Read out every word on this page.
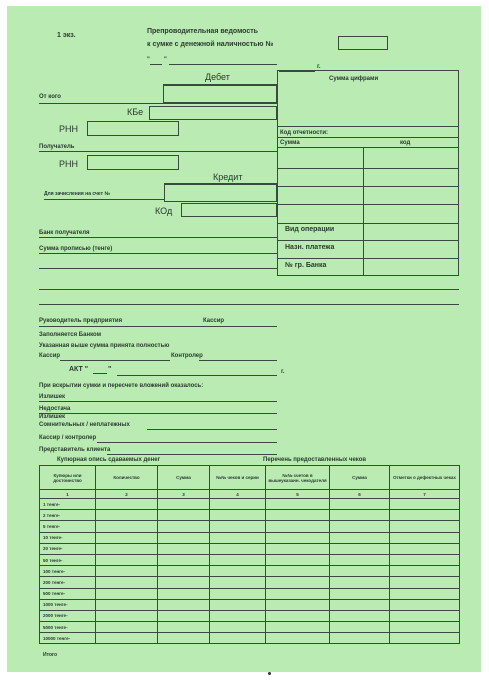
1 экз.
Препроводительная ведомость
к сумке с денежной наличностью №
" "
г.
Дебет
От кого
КБе
РНН
Получатель
Сумма цифрами
Код отчетности:
Сумма	код
Вид операции
Назн. платежа
№ гр. Банка
РНН
Кредит
Для зачисления на счет №
КОд
Банк получателя
Сумма прописью (тенге)
Руководитель предприятия	Кассир
Заполняется Банком
Указанная выше сумма принята полностью
Кассир	Контролер
АКТ "	"	г.
При вскрытии сумки и пересчете вложений оказалось:
Излишек
Недостача
Излишек
Сомнительных / неплатежных
Кассир / контролер
Представитель клиента
Купюрная опись сдаваемых денег	Перечень предоставленных чеков
Купюры или достоинство	Количество	Сумма	№№ чеков и серии	№№ счетов в вышеуказанн. чекодателя	Сумма	Отметки о дефектных чеках
1	2	3	4	5	6	7
1 тенге-						
2 тенге-						
5 тенге-						
10 тенге-						
20 тенге-						
50 тенге-						
100 тенге-						
200 тенге-						
500 тенге-						
1000 тенге-						
2000 тенге-						
5000 тенге-						
10000 тенге-						
Итого
